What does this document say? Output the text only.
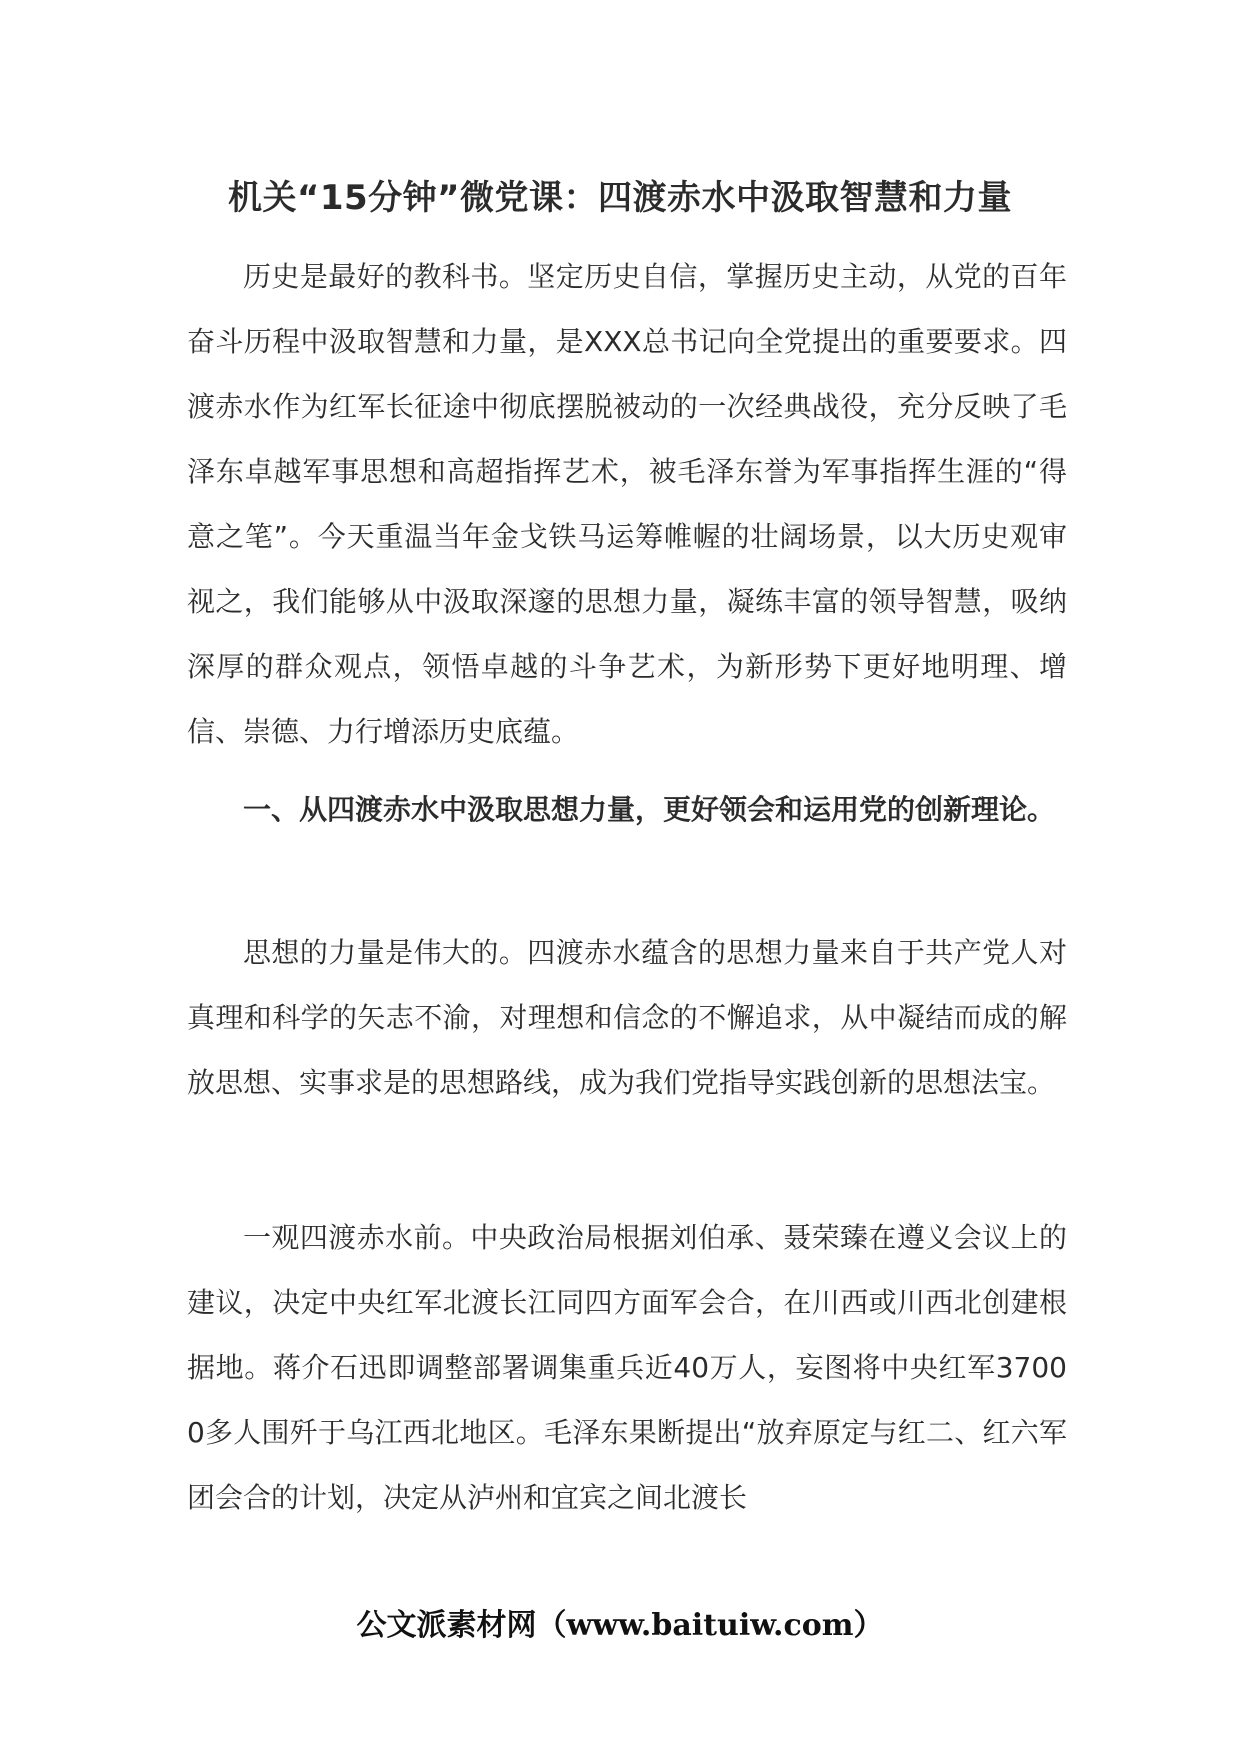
机关“15分钟”微党课：四渡赤水中汲取智慧和力量

历史是最好的教科书。坚定历史自信，掌握历史主动，从党的百年奋斗历程中汲取智慧和力量，是XXX总书记向全党提出的重要要求。四渡赤水作为红军长征途中彻底摆脱被动的一次经典战役，充分反映了毛泽东卓越军事思想和高超指挥艺术，被毛泽东誉为军事指挥生涯的“得意之笔”。今天重温当年金戈铁马运筹帷幄的壮阔场景，以大历史观审视之，我们能够从中汲取深邃的思想力量，凝练丰富的领导智慧，吸纳深厚的群众观点，领悟卓越的斗争艺术，为新形势下更好地明理、增信、崇德、力行增添历史底蕴。

一、从四渡赤水中汲取思想力量，更好领会和运用党的创新理论。

思想的力量是伟大的。四渡赤水蕴含的思想力量来自于共产党人对真理和科学的矢志不渝，对理想和信念的不懈追求，从中凝结而成的解放思想、实事求是的思想路线，成为我们党指导实践创新的思想法宝。

一观四渡赤水前。中央政治局根据刘伯承、聂荣臻在遵义会议上的建议，决定中央红军北渡长江同四方面军会合，在川西或川西北创建根据地。蒋介石迅即调整部署调集重兵近40万人，妄图将中央红军37000多人围歼于乌江西北地区。毛泽东果断提出“放弃原定与红二、红六军团会合的计划，决定从泸州和宜宾之间北渡长

公文派素材网（www.baituiw.com）
